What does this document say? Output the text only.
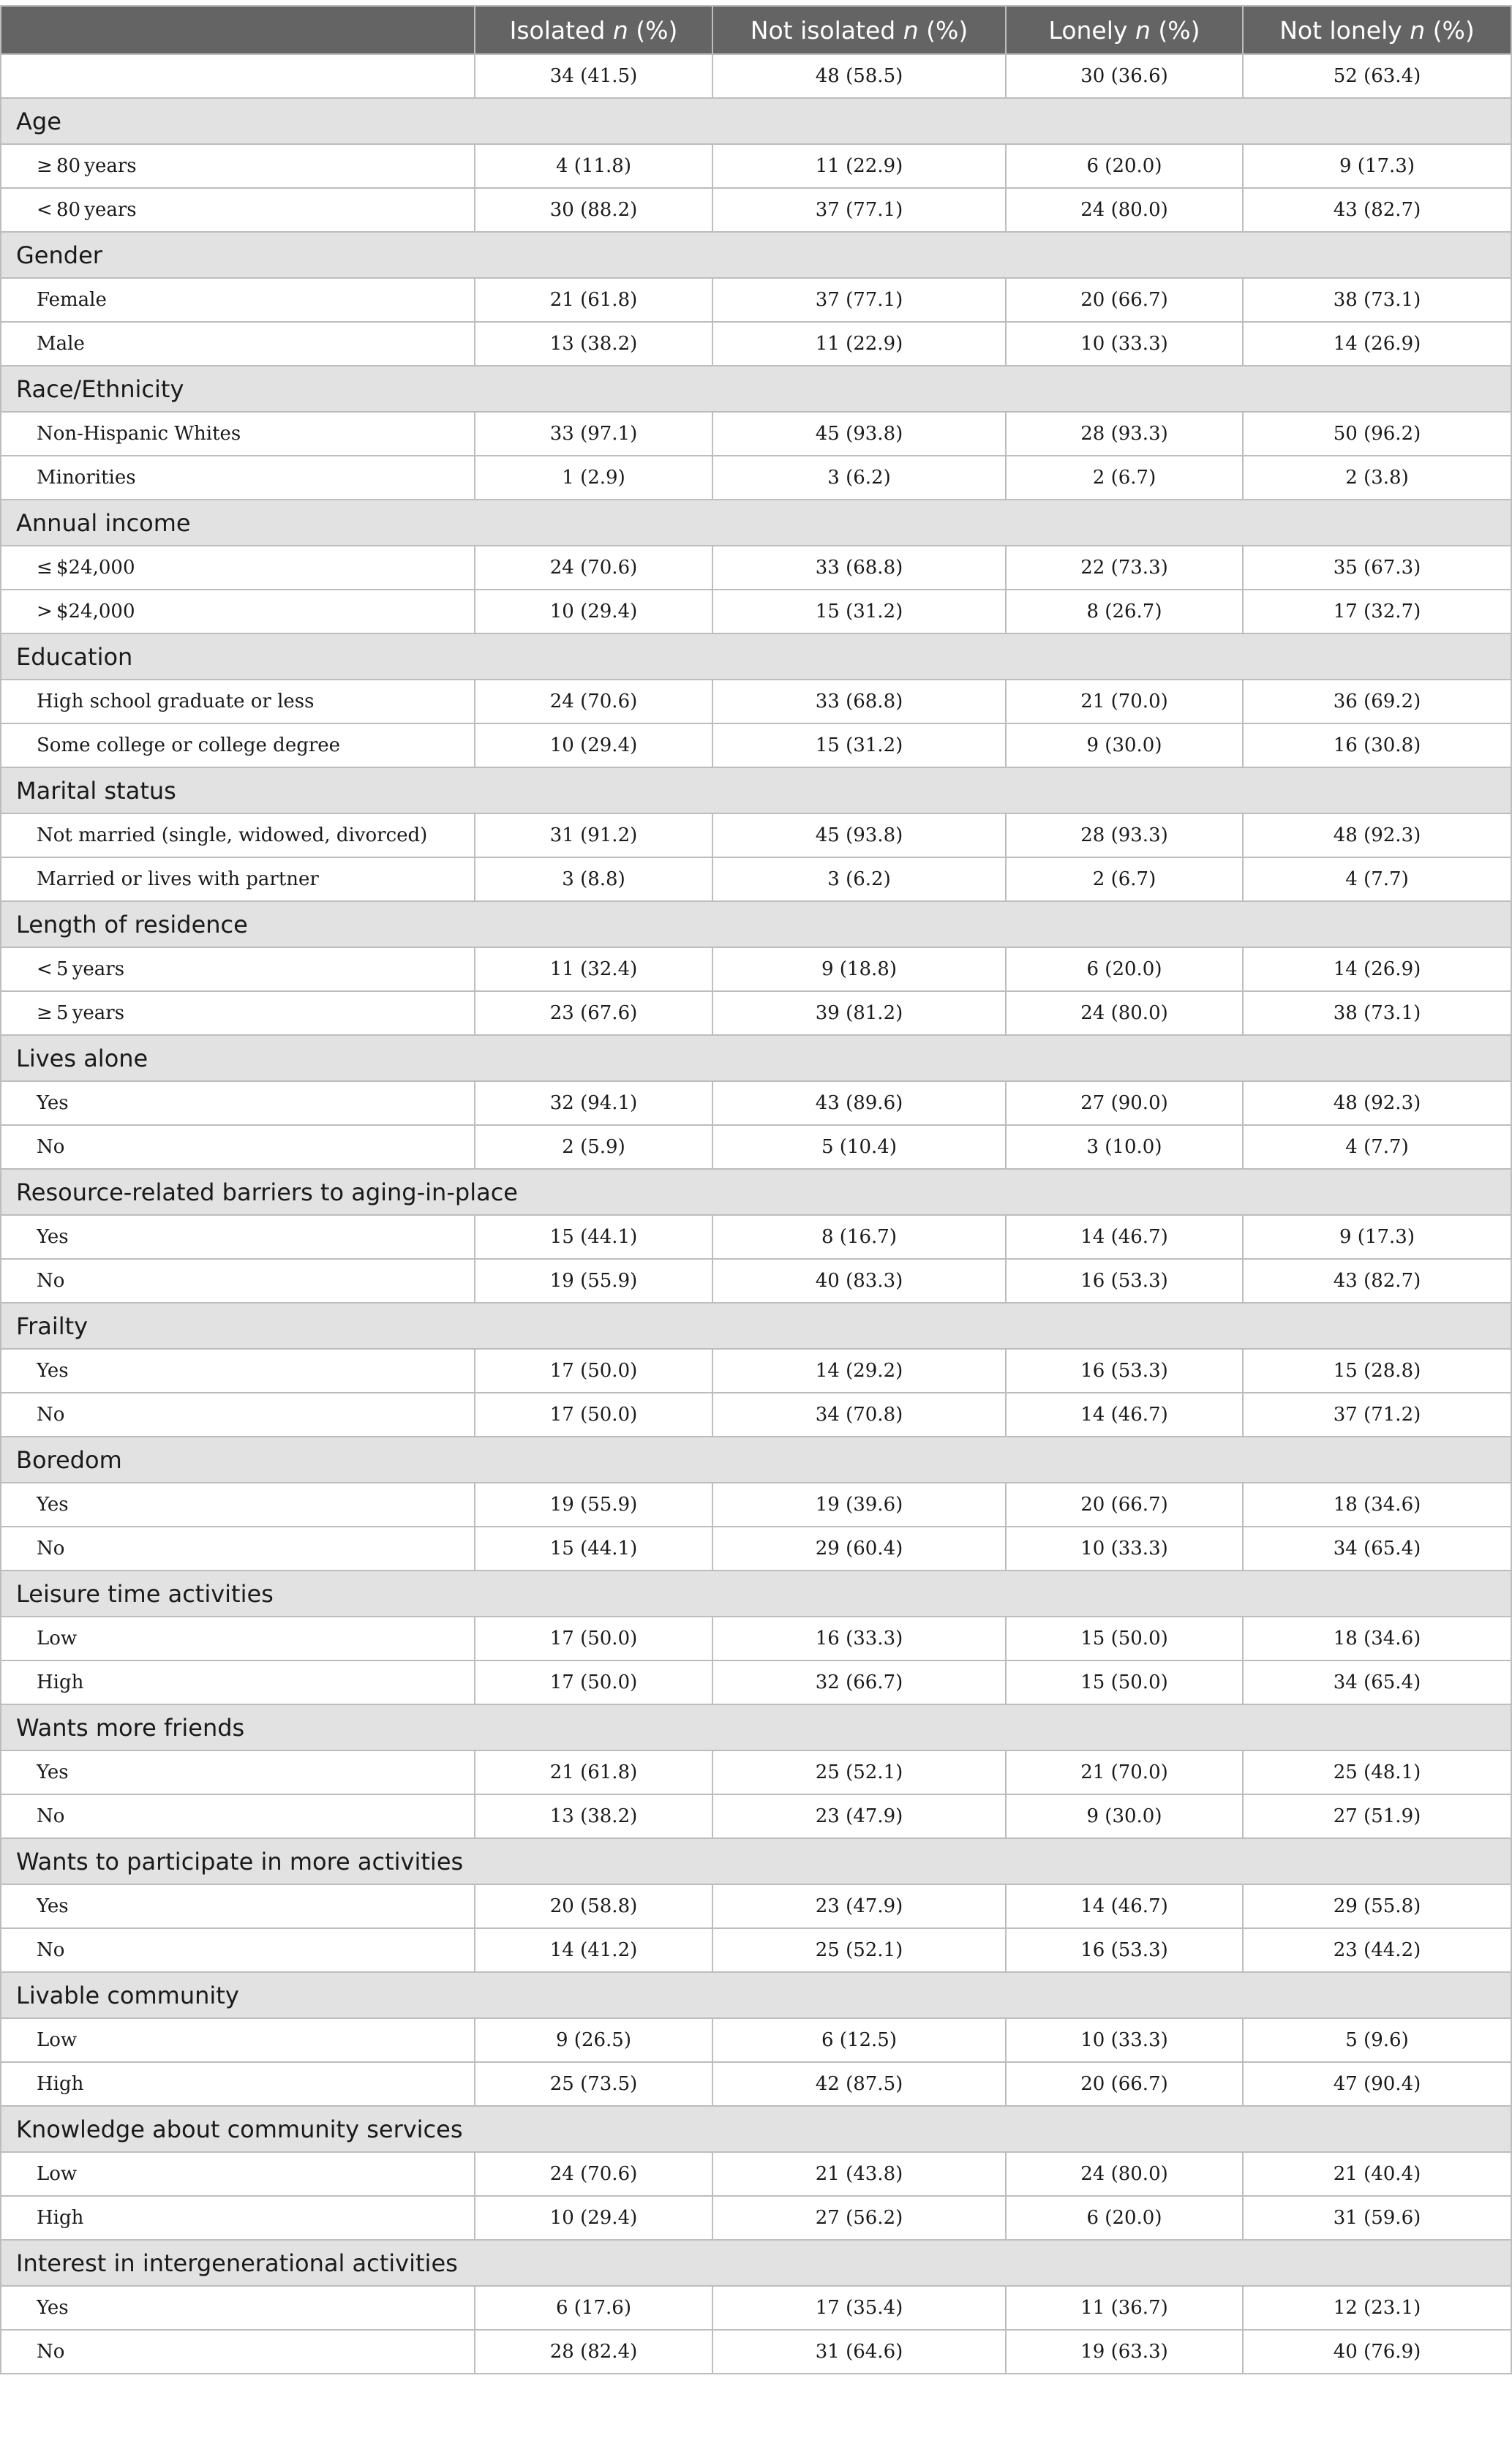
	Isolated n (%)	Not isolated n (%)	Lonely n (%)	Not lonely n (%)
	34 (41.5)	48 (58.5)	30 (36.6)	52 (63.4)
Age				
≥ 80 years	4 (11.8)	11 (22.9)	6 (20.0)	9 (17.3)
< 80 years	30 (88.2)	37 (77.1)	24 (80.0)	43 (82.7)
Gender				
Female	21 (61.8)	37 (77.1)	20 (66.7)	38 (73.1)
Male	13 (38.2)	11 (22.9)	10 (33.3)	14 (26.9)
Race/Ethnicity				
Non-Hispanic Whites	33 (97.1)	45 (93.8)	28 (93.3)	50 (96.2)
Minorities	1 (2.9)	3 (6.2)	2 (6.7)	2 (3.8)
Annual income				
≤ $24,000	24 (70.6)	33 (68.8)	22 (73.3)	35 (67.3)
> $24,000	10 (29.4)	15 (31.2)	8 (26.7)	17 (32.7)
Education				
High school graduate or less	24 (70.6)	33 (68.8)	21 (70.0)	36 (69.2)
Some college or college degree	10 (29.4)	15 (31.2)	9 (30.0)	16 (30.8)
Marital status				
Not married (single, widowed, divorced)	31 (91.2)	45 (93.8)	28 (93.3)	48 (92.3)
Married or lives with partner	3 (8.8)	3 (6.2)	2 (6.7)	4 (7.7)
Length of residence				
< 5 years	11 (32.4)	9 (18.8)	6 (20.0)	14 (26.9)
≥ 5 years	23 (67.6)	39 (81.2)	24 (80.0)	38 (73.1)
Lives alone				
Yes	32 (94.1)	43 (89.6)	27 (90.0)	48 (92.3)
No	2 (5.9)	5 (10.4)	3 (10.0)	4 (7.7)
Resource-related barriers to aging-in-place				
Yes	15 (44.1)	8 (16.7)	14 (46.7)	9 (17.3)
No	19 (55.9)	40 (83.3)	16 (53.3)	43 (82.7)
Frailty				
Yes	17 (50.0)	14 (29.2)	16 (53.3)	15 (28.8)
No	17 (50.0)	34 (70.8)	14 (46.7)	37 (71.2)
Boredom				
Yes	19 (55.9)	19 (39.6)	20 (66.7)	18 (34.6)
No	15 (44.1)	29 (60.4)	10 (33.3)	34 (65.4)
Leisure time activities				
Low	17 (50.0)	16 (33.3)	15 (50.0)	18 (34.6)
High	17 (50.0)	32 (66.7)	15 (50.0)	34 (65.4)
Wants more friends				
Yes	21 (61.8)	25 (52.1)	21 (70.0)	25 (48.1)
No	13 (38.2)	23 (47.9)	9 (30.0)	27 (51.9)
Wants to participate in more activities				
Yes	20 (58.8)	23 (47.9)	14 (46.7)	29 (55.8)
No	14 (41.2)	25 (52.1)	16 (53.3)	23 (44.2)
Livable community				
Low	9 (26.5)	6 (12.5)	10 (33.3)	5 (9.6)
High	25 (73.5)	42 (87.5)	20 (66.7)	47 (90.4)
Knowledge about community services				
Low	24 (70.6)	21 (43.8)	24 (80.0)	21 (40.4)
High	10 (29.4)	27 (56.2)	6 (20.0)	31 (59.6)
Interest in intergenerational activities				
Yes	6 (17.6)	17 (35.4)	11 (36.7)	12 (23.1)
No	28 (82.4)	31 (64.6)	19 (63.3)	40 (76.9)
